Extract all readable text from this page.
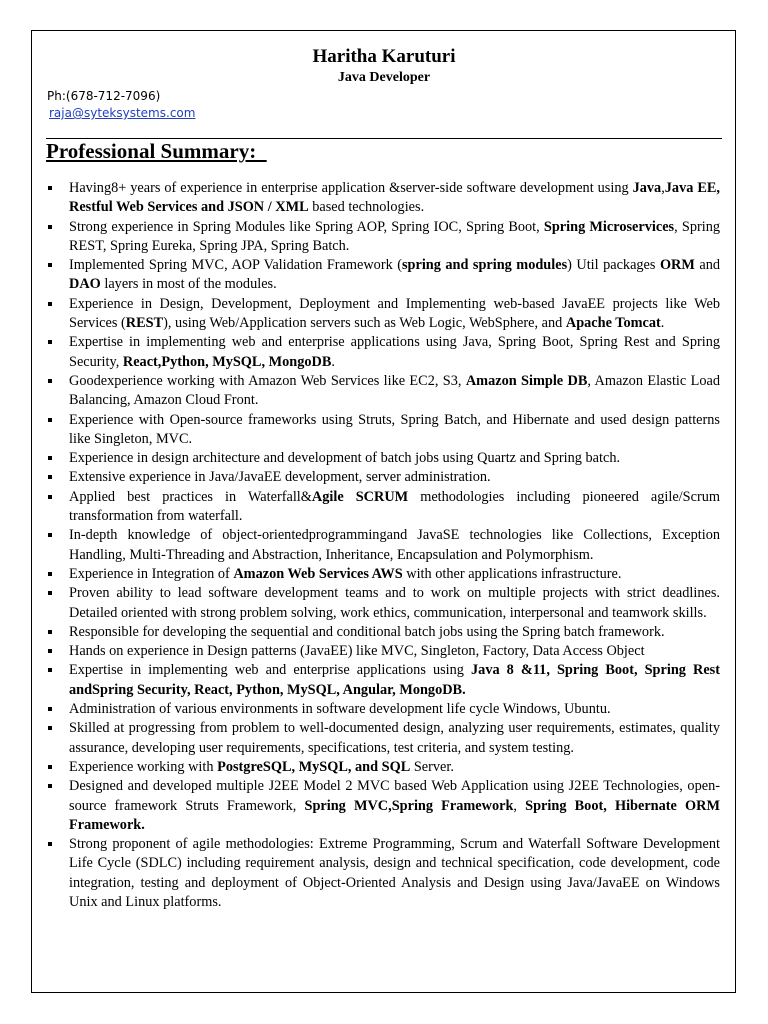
Haritha Karuturi
Java Developer
Ph:(678-712-7096)
raja@syteksystems.com
Professional Summary:
Having8+ years of experience in enterprise application &server-side software development using Java,Java EE, Restful Web Services and JSON / XML based technologies.
Strong experience in Spring Modules like Spring AOP, Spring IOC, Spring Boot, Spring Microservices, Spring REST, Spring Eureka, Spring JPA, Spring Batch.
Implemented Spring MVC, AOP Validation Framework (spring and spring modules) Util packages ORM and DAO layers in most of the modules.
Experience in Design, Development, Deployment and Implementing web-based JavaEE projects like Web Services (REST), using Web/Application servers such as Web Logic, WebSphere, and Apache Tomcat.
Expertise in implementing web and enterprise applications using Java, Spring Boot, Spring Rest and Spring Security, React,Python, MySQL, MongoDB.
Goodexperience working with Amazon Web Services like EC2, S3, Amazon Simple DB, Amazon Elastic Load Balancing, Amazon Cloud Front.
Experience with Open-source frameworks using Struts, Spring Batch, and Hibernate and used design patterns like Singleton, MVC.
Experience in design architecture and development of batch jobs using Quartz and Spring batch.
Extensive experience in Java/JavaEE development, server administration.
Applied best practices in Waterfall&Agile SCRUM methodologies including pioneered agile/Scrum transformation from waterfall.
In-depth knowledge of object-orientedprogrammingand JavaSE technologies like Collections, Exception Handling, Multi-Threading and Abstraction, Inheritance, Encapsulation and Polymorphism.
Experience in Integration of Amazon Web Services AWS with other applications infrastructure.
Proven ability to lead software development teams and to work on multiple projects with strict deadlines. Detailed oriented with strong problem solving, work ethics, communication, interpersonal and teamwork skills.
Responsible for developing the sequential and conditional batch jobs using the Spring batch framework.
Hands on experience in Design patterns (JavaEE) like MVC, Singleton, Factory, Data Access Object
Expertise in implementing web and enterprise applications using Java 8 &11, Spring Boot, Spring Rest andSpring Security, React, Python, MySQL, Angular, MongoDB.
Administration of various environments in software development life cycle Windows, Ubuntu.
Skilled at progressing from problem to well-documented design, analyzing user requirements, estimates, quality assurance, developing user requirements, specifications, test criteria, and system testing.
Experience working with PostgreSQL, MySQL, and SQL Server.
Designed and developed multiple J2EE Model 2 MVC based Web Application using J2EE Technologies, open-source framework Struts Framework, Spring MVC,Spring Framework, Spring Boot, Hibernate ORM Framework.
Strong proponent of agile methodologies: Extreme Programming, Scrum and Waterfall Software Development Life Cycle (SDLC) including requirement analysis, design and technical specification, code development, code integration, testing and deployment of Object-Oriented Analysis and Design using Java/JavaEE on Windows Unix and Linux platforms.
